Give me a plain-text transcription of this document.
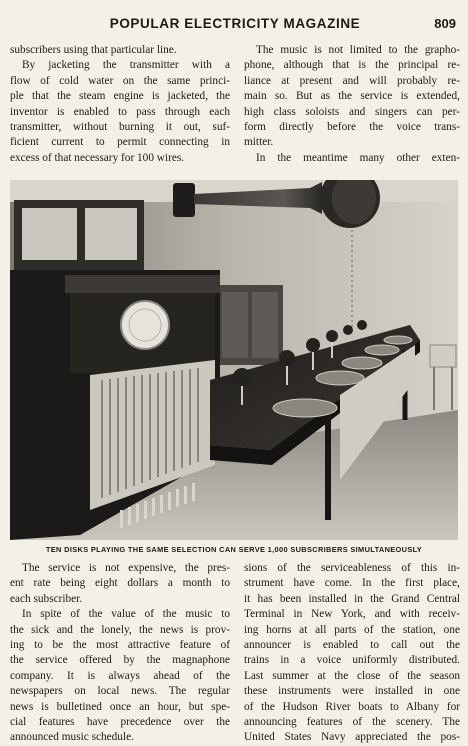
POPULAR ELECTRICITY MAGAZINE	809

subscribers using that particular line.

By jacketing the transmitter with a
flow of cold water on the same princi-
ple that the steam engine is jacketed, the
inventor is enabled to pass through each
transmitter, without burning it out, suf-
ficient current to permit connecting in
excess of that necessary for 100 wires.

The music is not limited to the grapho-
phone, although that is the principal re-
liance at present and will probably re-
main so. But as the service is extended,
high class soloists and singers can per-
form directly before the voice trans-
mitter.

In the meantime many other exten-

TEN DISKS PLAYING THE SAME SELECTION CAN SERVE 1,000 SUBSCRIBERS SIMULTANEOUSLY

The service is not expensive, the pres-
ent rate being eight dollars a month to
each subscriber.

In spite of the value of the music to
the sick and the lonely, the news is prov-
ing to be the most attractive feature of
the service offered by the magnaphone
company. It is always ahead of the
newspapers on local news. The regular
news is bulletined once an hour, but spe-
cial features have precedence over the
announced music schedule.

sions of the serviceableness of this in-
strument have come. In the first place,
it has been installed in the Grand Central
Terminal in New York, and with receiv-
ing horns at all parts of the station, one
announcer is enabled to call out the
trains in a voice uniformly distributed.
Last summer at the close of the season
these instruments were installed in one
of the Hudson River boats to Albany for
announcing features of the scenery. The
United States Navy appreciated the pos-
